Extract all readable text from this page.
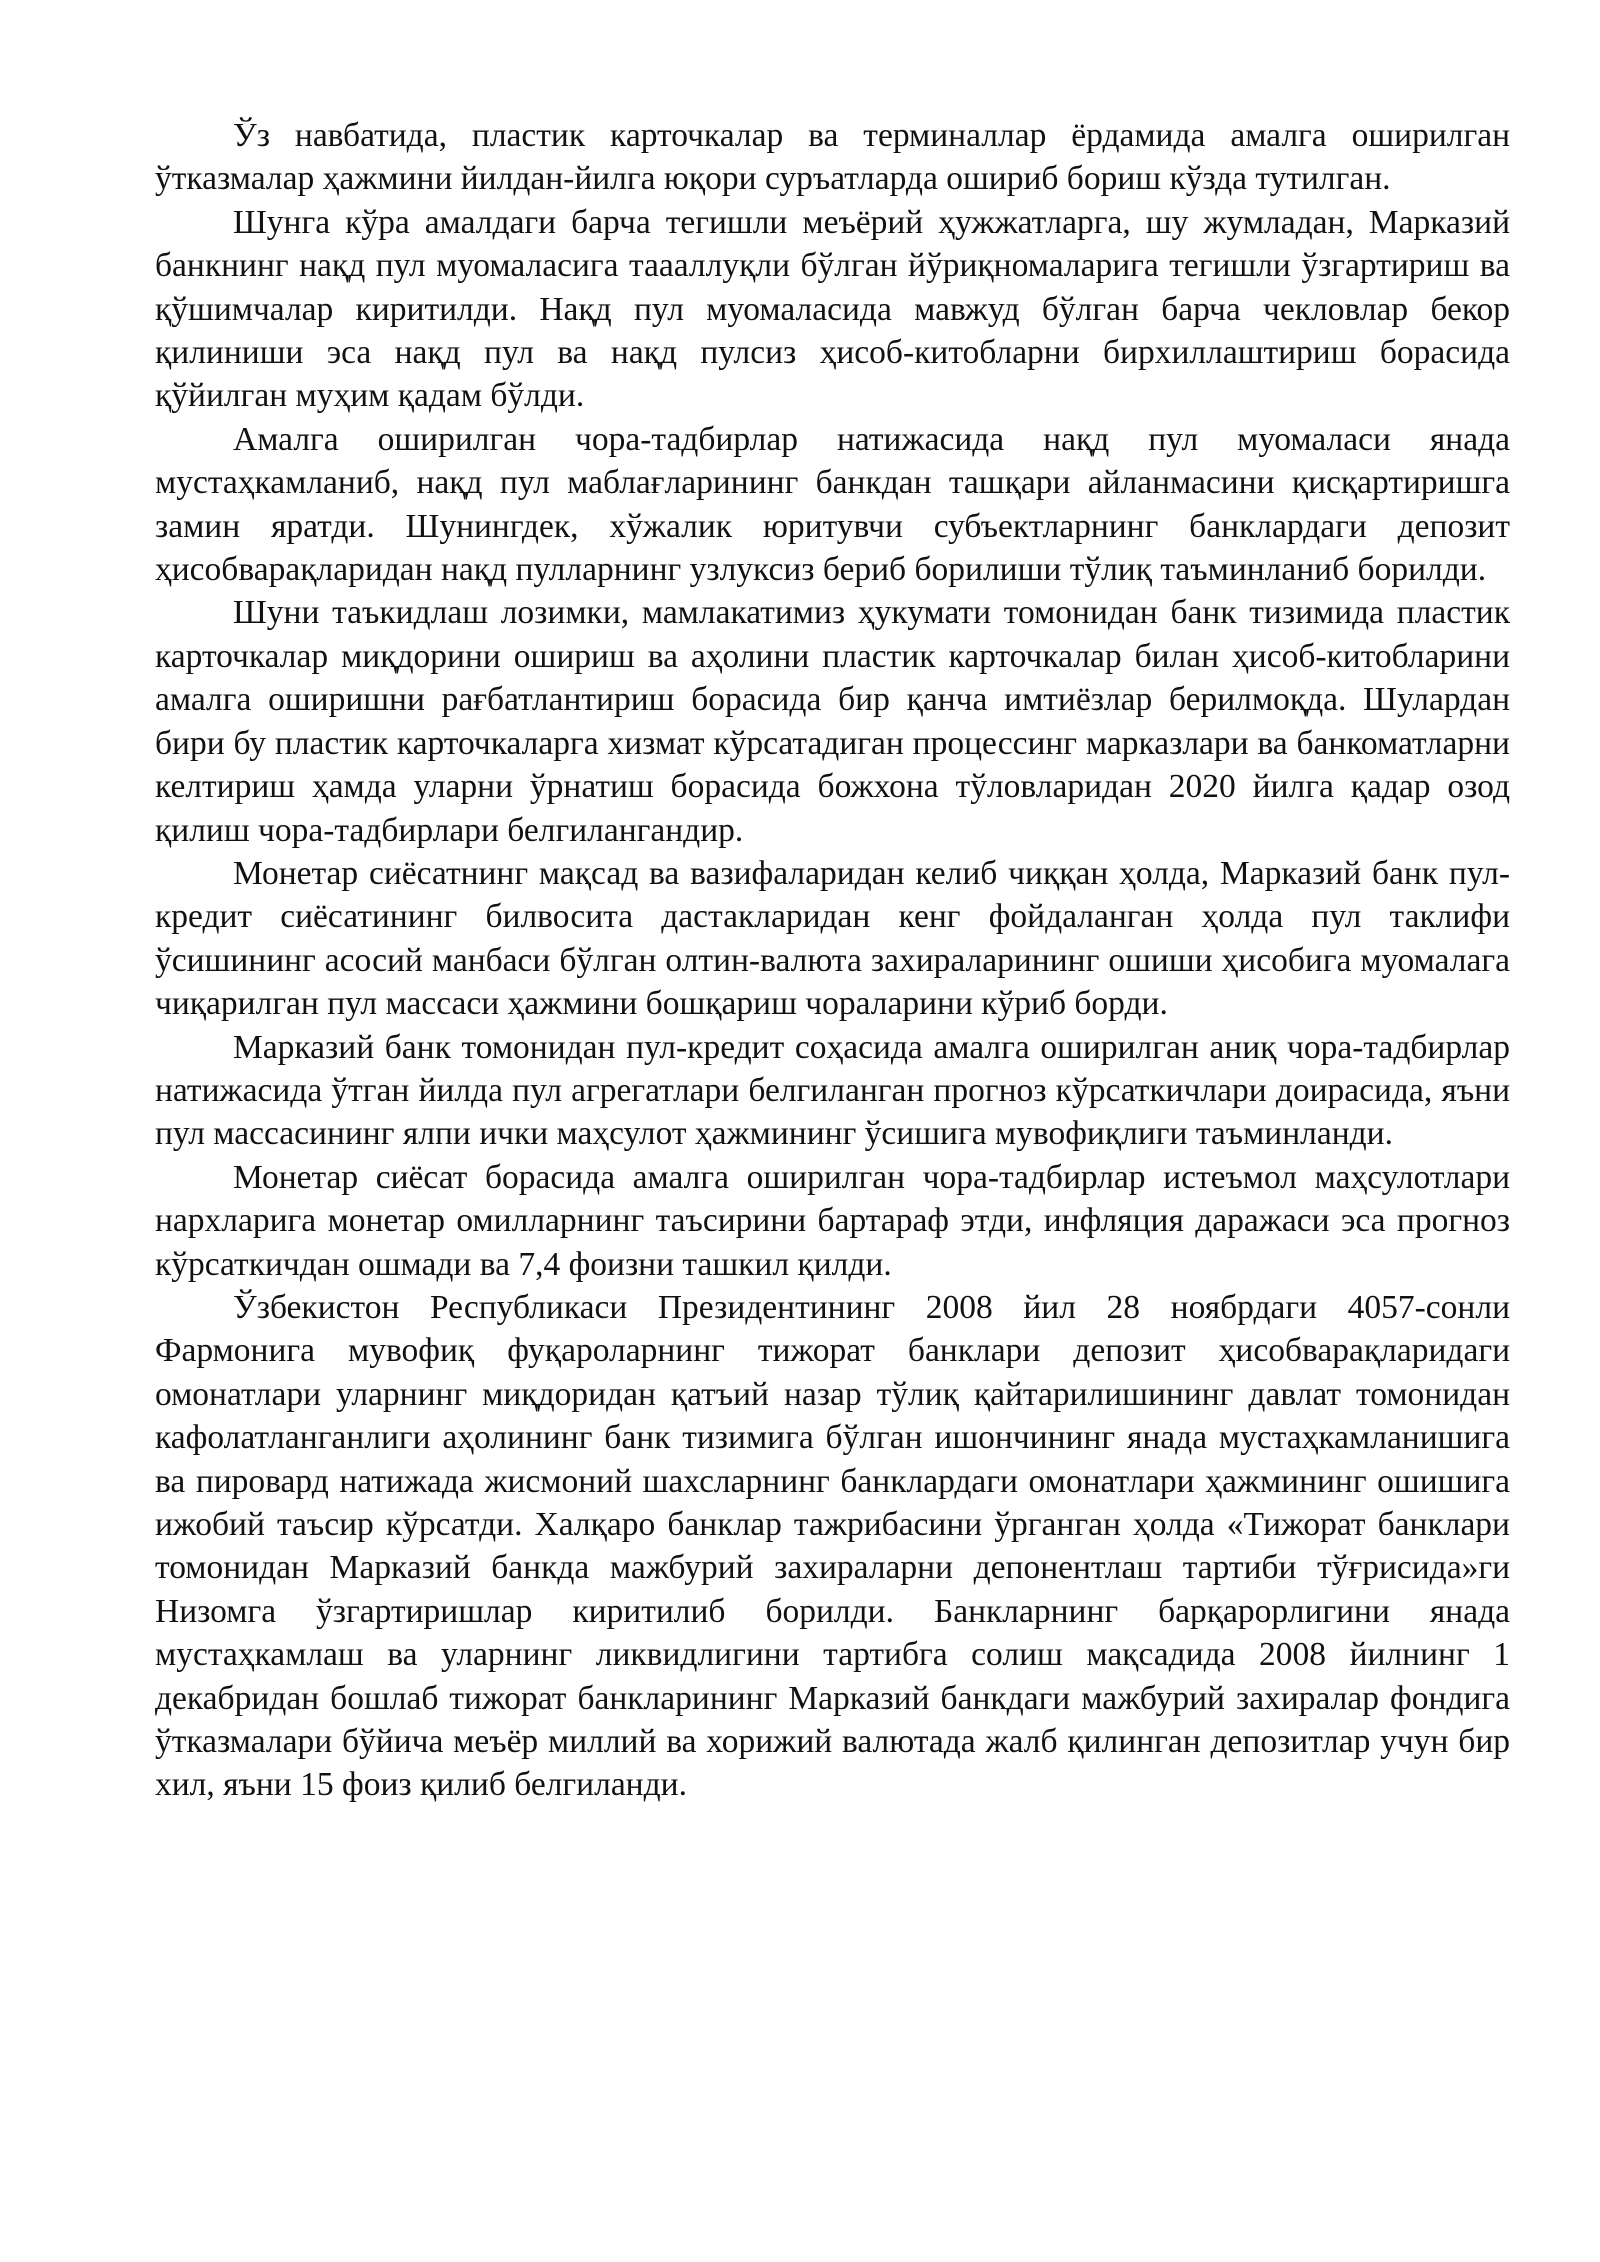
Ўз навбатида, пластик карточкалар ва терминаллар ёрдамида амалга оширилган ўтказмалар ҳажмини йилдан-йилга юқори суръатларда ошириб бориш кўзда тутилган.

Шунга кўра амалдаги барча тегишли меъёрий ҳужжатларга, шу жумладан, Марказий банкнинг нақд пул муомаласига таааллуқли бўлган йўриқномаларига тегишли ўзгартириш ва қўшимчалар киритилди. Нақд пул муомаласида мавжуд бўлган барча чекловлар бекор қилиниши эса нақд пул ва нақд пулсиз ҳисоб-китобларни бирхиллаштириш борасида қўйилган муҳим қадам бўлди.

Амалга оширилган чора-тадбирлар натижасида нақд пул муомаласи янада мустаҳкамланиб, нақд пул маблағларининг банкдан ташқари айланмасини қисқартиришга замин яратди. Шунингдек, хўжалик юритувчи субъектларнинг банклардаги депозит ҳисобварақларидан нақд пулларнинг узлуксиз бериб борилиши тўлиқ таъминланиб борилди.

Шуни таъкидлаш лозимки, мамлакатимиз ҳукумати томонидан банк тизимида пластик карточкалар миқдорини ошириш ва аҳолини пластик карточкалар билан ҳисоб-китобларини амалга оширишни рағбатлантириш борасида бир қанча имтиёзлар берилмоқда. Шулардан бири бу пластик карточкаларга хизмат кўрсатадиган процессинг марказлари ва банкоматларни келтириш ҳамда уларни ўрнатиш борасида божхона тўловларидан 2020 йилга қадар озод қилиш чора-тадбирлари белгилангандир.

Монетар сиёсатнинг мақсад ва вазифаларидан келиб чиққан ҳолда, Марказий банк пул-кредит сиёсатининг билвосита дастакларидан кенг фойдаланган ҳолда пул таклифи ўсишининг асосий манбаси бўлган олтин-валюта захираларининг ошиши ҳисобига муомалага чиқарилган пул массаси ҳажмини бошқариш чораларини кўриб борди.

Марказий банк томонидан пул-кредит соҳасида амалга оширилган аниқ чора-тадбирлар натижасида ўтган йилда пул агрегатлари белгиланган прогноз кўрсаткичлари доирасида, яъни пул массасининг ялпи ички маҳсулот ҳажмининг ўсишига мувофиқлиги таъминланди.

Монетар сиёсат борасида амалга оширилган чора-тадбирлар истеъмол маҳсулотлари нархларига монетар омилларнинг таъсирини бартараф этди, инфляция даражаси эса прогноз кўрсаткичдан ошмади ва 7,4 фоизни ташкил қилди.

Ўзбекистон Республикаси Президентининг 2008 йил 28 ноябрдаги 4057-сонли Фармонига мувофиқ фуқароларнинг тижорат банклари депозит ҳисобварақларидаги омонатлари уларнинг миқдоридан қатъий назар тўлиқ қайтарилишининг давлат томонидан кафолатланганлиги аҳолининг банк тизимига бўлган ишончининг янада мустаҳкамланишига ва пировард натижада жисмоний шахсларнинг банклардаги омонатлари ҳажмининг ошишига ижобий таъсир кўрсатди. Халқаро банклар тажрибасини ўрганган ҳолда «Тижорат банклари томонидан Марказий банкда мажбурий захираларни депонентлаш тартиби тўғрисида»ги Низомга ўзгартиришлар киритилиб борилди. Банкларнинг барқарорлигини янада мустаҳкамлаш ва уларнинг ликвидлигини тартибга солиш мақсадида 2008 йилнинг 1 декабридан бошлаб тижорат банкларининг Марказий банкдаги мажбурий захиралар фондига ўтказмалари бўйича меъёр миллий ва хорижий валютада жалб қилинган депозитлар учун бир хил, яъни 15 фоиз қилиб белгиланди.
